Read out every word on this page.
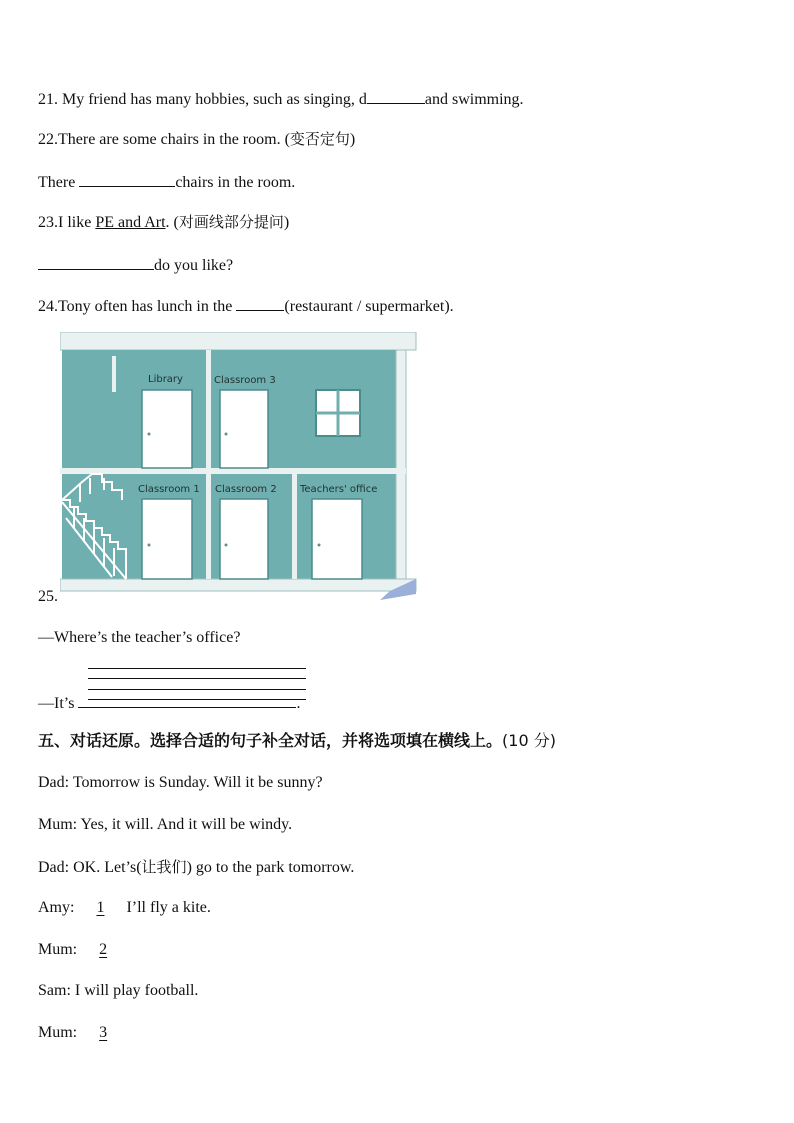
21. My friend has many hobbies, such as singing, d	and swimming.
22.There are some chairs in the room. (变否定句)
There	chairs in the room.
23.I like PE and Art. (对画线部分提问)
do you like?
24.Tony often has lunch in the	(restaurant / supermarket).
Library	Classroom 3
Classroom 1 Classroom 2 Teachers' office
25.
—Where’s the teacher’s office?
—It’s	.
五、对话还原。选择合适的句子补全对话，并将选项填在横线上。(10 分)
Dad: Tomorrow is Sunday. Will it be sunny?
Mum: Yes, it will. And it will be windy.
Dad: OK. Let’s(让我们) go to the park tomorrow.
Amy: 1 I’ll fly a kite.
Mum: 2
Sam: I will play football.
Mum: 3
